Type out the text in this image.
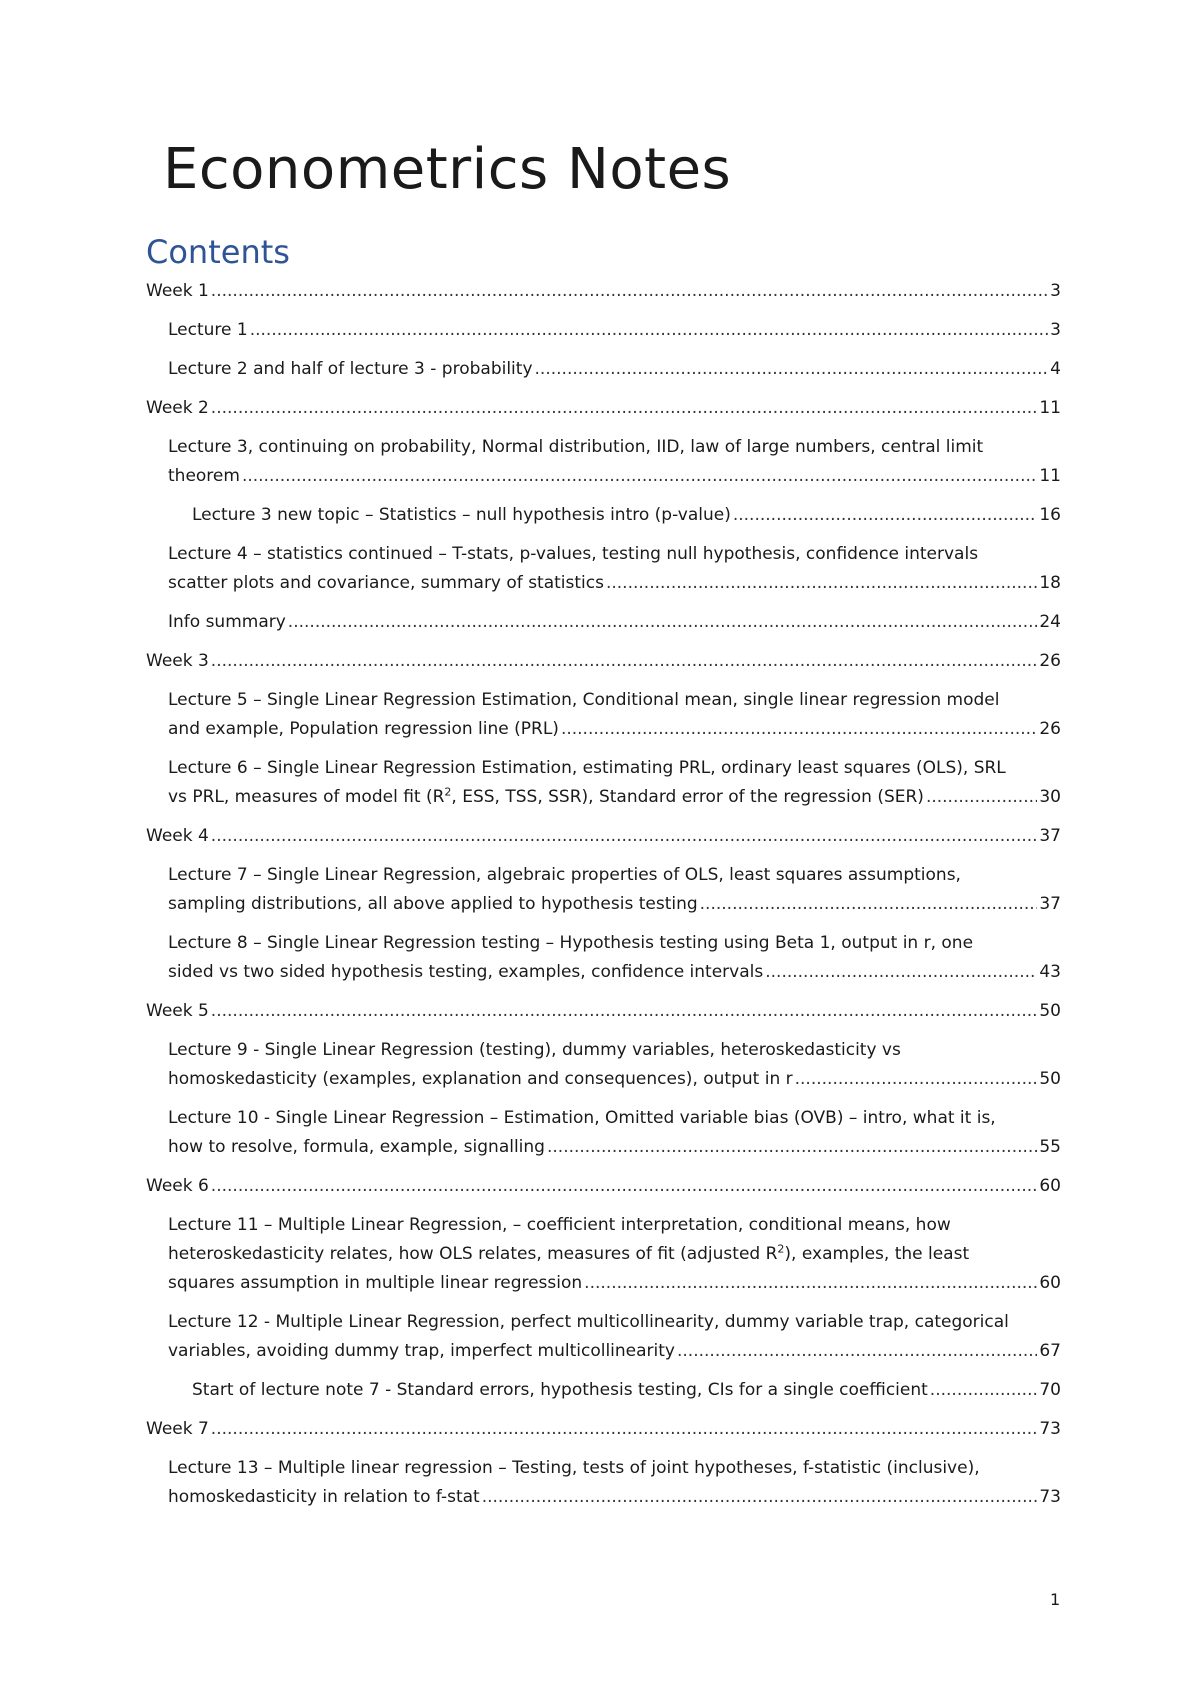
Econometrics Notes
Contents
Week 1 .....	3
Lecture 1 .....	3
Lecture 2 and half of lecture 3 - probability .....	4
Week 2 .....	11
Lecture 3, continuing on probability, Normal distribution, IID, law of large numbers, central limit
theorem .....	11
Lecture 3 new topic – Statistics – null hypothesis intro (p-value) .....	16
Lecture 4 – statistics continued – T-stats, p-values, testing null hypothesis, confidence intervals
scatter plots and covariance, summary of statistics .....	18
Info summary .....	24
Week 3 .....	26
Lecture 5 – Single Linear Regression Estimation, Conditional mean, single linear regression model
and example, Population regression line (PRL) .....	26
Lecture 6 – Single Linear Regression Estimation, estimating PRL, ordinary least squares (OLS), SRL
vs PRL, measures of model fit ($R^2$, ESS, TSS, SSR), Standard error of the regression (SER) .....	30
Week 4 .....	37
Lecture 7 – Single Linear Regression, algebraic properties of OLS, least squares assumptions,
sampling distributions, all above applied to hypothesis testing .....	37
Lecture 8 – Single Linear Regression testing – Hypothesis testing using Beta 1, output in r, one
sided vs two sided hypothesis testing, examples, confidence intervals .....	43
Week 5 .....	50
Lecture 9 - Single Linear Regression (testing), dummy variables, heteroskedasticity vs
homoskedasticity (examples, explanation and consequences), output in r .....	50
Lecture 10 - Single Linear Regression – Estimation, Omitted variable bias (OVB) – intro, what it is,
how to resolve, formula, example, signalling .....	55
Week 6 .....	60
Lecture 11 – Multiple Linear Regression, – coefficient interpretation, conditional means, how
heteroskedasticity relates, how OLS relates, measures of fit (adjusted $R^2$), examples, the least
squares assumption in multiple linear regression .....	60
Lecture 12 - Multiple Linear Regression, perfect multicollinearity, dummy variable trap, categorical
variables, avoiding dummy trap, imperfect multicollinearity .....	67
Start of lecture note 7 - Standard errors, hypothesis testing, CIs for a single coefficient .....	70
Week 7 .....	73
Lecture 13 – Multiple linear regression – Testing, tests of joint hypotheses, f-statistic (inclusive),
homoskedasticity in relation to f-stat .....	73
1
